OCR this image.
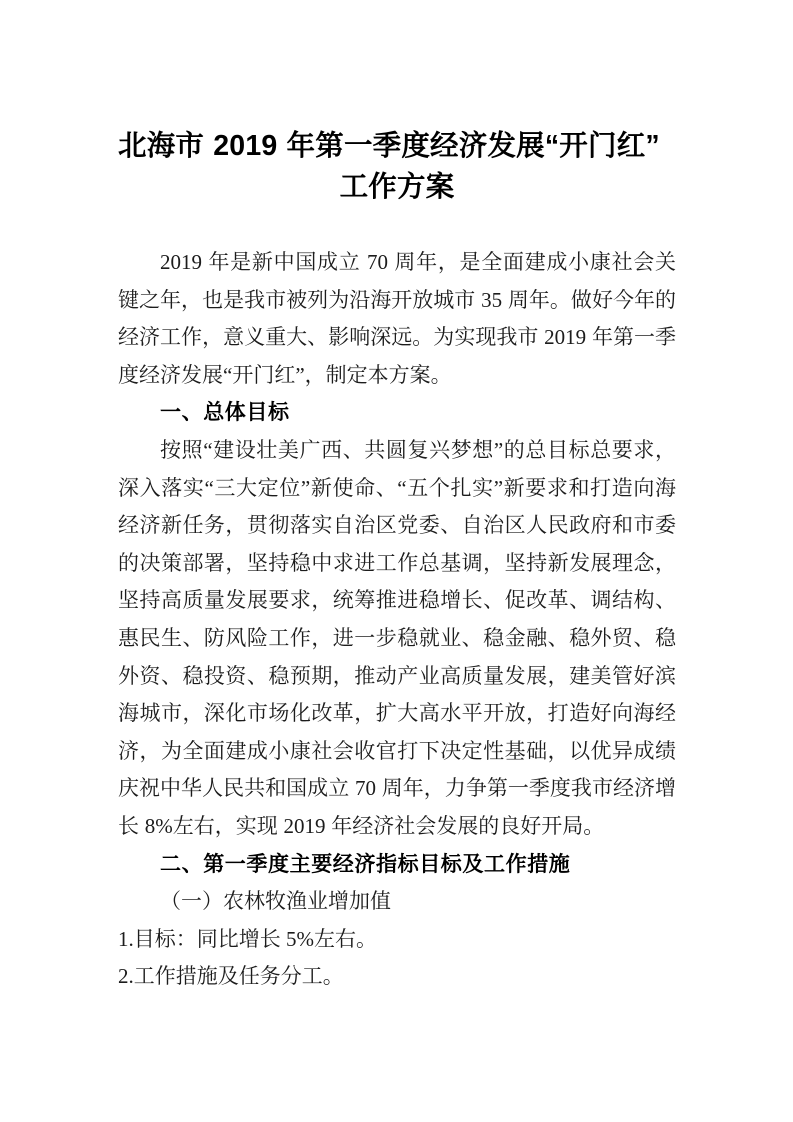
北海市 2019 年第一季度经济发展“开门红”
工作方案

2019 年是新中国成立 70 周年，是全面建成小康社会关键之年，也是我市被列为沿海开放城市 35 周年。做好今年的经济工作，意义重大、影响深远。为实现我市 2019 年第一季度经济发展“开门红”，制定本方案。

一、总体目标

按照“建设壮美广西、共圆复兴梦想”的总目标总要求，深入落实“三大定位”新使命、“五个扎实”新要求和打造向海经济新任务，贯彻落实自治区党委、自治区人民政府和市委的决策部署，坚持稳中求进工作总基调，坚持新发展理念，坚持高质量发展要求，统筹推进稳增长、促改革、调结构、惠民生、防风险工作，进一步稳就业、稳金融、稳外贸、稳外资、稳投资、稳预期，推动产业高质量发展，建美管好滨海城市，深化市场化改革，扩大高水平开放，打造好向海经济，为全面建成小康社会收官打下决定性基础，以优异成绩庆祝中华人民共和国成立 70 周年，力争第一季度我市经济增长 8%左右，实现 2019 年经济社会发展的良好开局。

二、第一季度主要经济指标目标及工作措施

（一）农林牧渔业增加值

1.目标：同比增长 5%左右。

2.工作措施及任务分工。
